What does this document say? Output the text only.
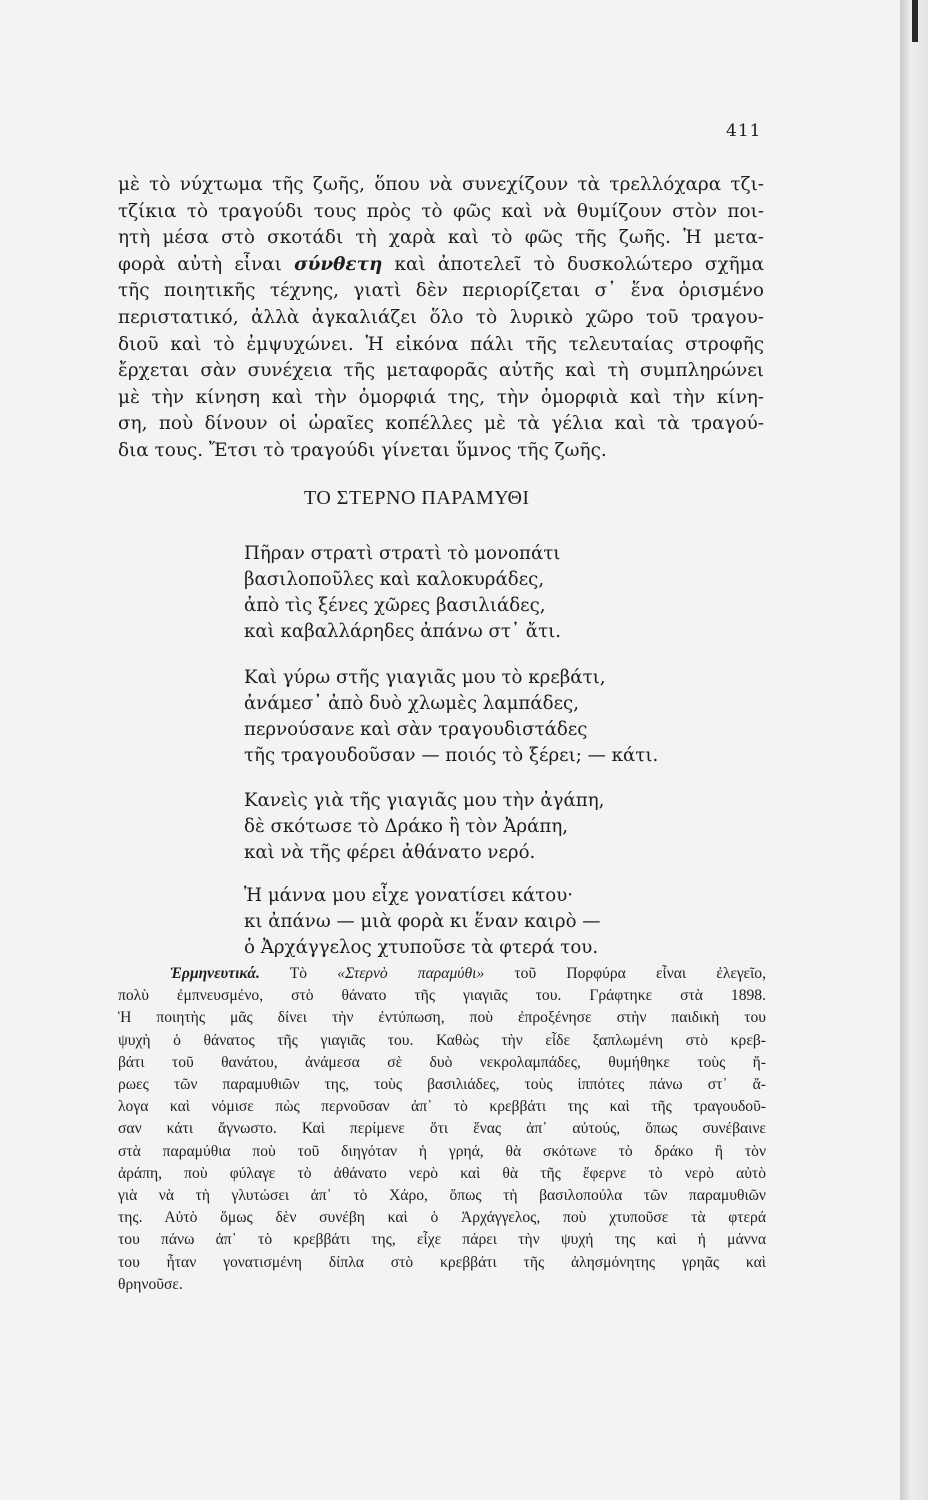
411
μὲ τὸ νύχτωμα τῆς ζωῆς, ὅπου νὰ συνεχίζουν τὰ τρελλόχαρα τζι-
τζίκια τὸ τραγούδι τους πρὸς τὸ φῶς καὶ νὰ θυμίζουν στὸν ποι-
ητὴ μέσα στὸ σκοτάδι τὴ χαρὰ καὶ τὸ φῶς τῆς ζωῆς. Ἡ μετα-
φορὰ αὐτὴ εἶναι σύνθετη καὶ ἀποτελεῖ τὸ δυσκολώτερο σχῆμα
τῆς ποιητικῆς τέχνης, γιατὶ δὲν περιορίζεται σ᾽ ἕνα ὁρισμένο
περιστατικό, ἀλλὰ ἀγκαλιάζει ὅλο τὸ λυρικὸ χῶρο τοῦ τραγου-
διοῦ καὶ τὸ ἐμψυχώνει. Ἡ εἰκόνα πάλι τῆς τελευταίας στροφῆς
ἔρχεται σὰν συνέχεια τῆς μεταφορᾶς αὐτῆς καὶ τὴ συμπληρώνει
μὲ τὴν κίνηση καὶ τὴν ὀμορφιά της, τὴν ὀμορφιὰ καὶ τὴν κίνη-
ση, ποὺ δίνουν οἱ ὡραῖες κοπέλλες μὲ τὰ γέλια καὶ τὰ τραγού-
δια τους. Ἔτσι τὸ τραγούδι γίνεται ὕμνος τῆς ζωῆς.
ΤΟ ΣΤΕΡΝΟ ΠΑΡΑΜΥΘΙ
Πῆραν στρατὶ στρατὶ τὸ μονοπάτι
βασιλοποῦλες καὶ καλοκυράδες,
ἀπὸ τὶς ξένες χῶρες βασιλιάδες,
καὶ καβαλλάρηδες ἀπάνω στ᾽ ἄτι.
Καὶ γύρω στῆς γιαγιᾶς μου τὸ κρεβάτι,
ἀνάμεσ᾽ ἀπὸ δυὸ χλωμὲς λαμπάδες,
περνούσανε καὶ σὰν τραγουδιστάδες
τῆς τραγουδοῦσαν — ποιός τὸ ξέρει; — κάτι.
Κανεὶς γιὰ τῆς γιαγιᾶς μου τὴν ἀγάπη,
δὲ σκότωσε τὸ Δράκο ἢ τὸν Ἀράπη,
καὶ νὰ τῆς φέρει ἀθάνατο νερό.
Ἡ μάννα μου εἶχε γονατίσει κάτου·
κι ἀπάνω — μιὰ φορὰ κι ἕναν καιρὸ —
ὁ Ἀρχάγγελος χτυποῦσε τὰ φτερά του.
Ἑρμηνευτικά. Τὸ «Στερνὸ παραμύθι» τοῦ Πορφύρα εἶναι ἐλεγεῖο,
πολὺ ἐμπνευσμένο, στὸ θάνατο τῆς γιαγιᾶς του. Γράφτηκε στὰ 1898.
Ἡ ποιητὴς μᾶς δίνει τὴν ἐντύπωση, ποὺ ἐπροξένησε στὴν παιδικὴ του
ψυχὴ ὁ θάνατος τῆς γιαγιᾶς του. Καθὼς τὴν εἶδε ξαπλωμένη στὸ κρεβ-
βάτι τοῦ θανάτου, ἀνάμεσα σὲ δυὸ νεκρολαμπάδες, θυμήθηκε τοὺς ἥ-
ρωες τῶν παραμυθιῶν της, τοὺς βασιλιάδες, τοὺς ἱππότες πάνω στ᾽ ἄ-
λογα καὶ νόμισε πὼς περνοῦσαν ἀπ᾽ τὸ κρεββάτι της καὶ τῆς τραγουδοῦ-
σαν κάτι ἄγνωστο. Καὶ περίμενε ὅτι ἕνας ἀπ᾽ αὐτούς, ὅπως συνέβαινε
στὰ παραμύθια ποὺ τοῦ διηγόταν ἡ γρηά, θὰ σκότωνε τὸ δράκο ἢ τὸν
ἀράπη, ποὺ φύλαγε τὸ ἀθάνατο νερὸ καὶ θὰ τῆς ἔφερνε τὸ νερὸ αὐτὸ
γιὰ νὰ τὴ γλυτώσει ἀπ᾽ τὸ Χάρο, ὅπως τὴ βασιλοπούλα τῶν παραμυθιῶν
της. Αὐτὸ ὅμως δὲν συνέβη καὶ ὁ Ἀρχάγγελος, ποὺ χτυποῦσε τὰ φτερά
του πάνω ἀπ᾽ τὸ κρεββάτι της, εἶχε πάρει τὴν ψυχή της καὶ ἡ μάννα
του ἦταν γονατισμένη δίπλα στὸ κρεββάτι τῆς ἀλησμόνητης γρηᾶς καὶ
θρηνοῦσε.
